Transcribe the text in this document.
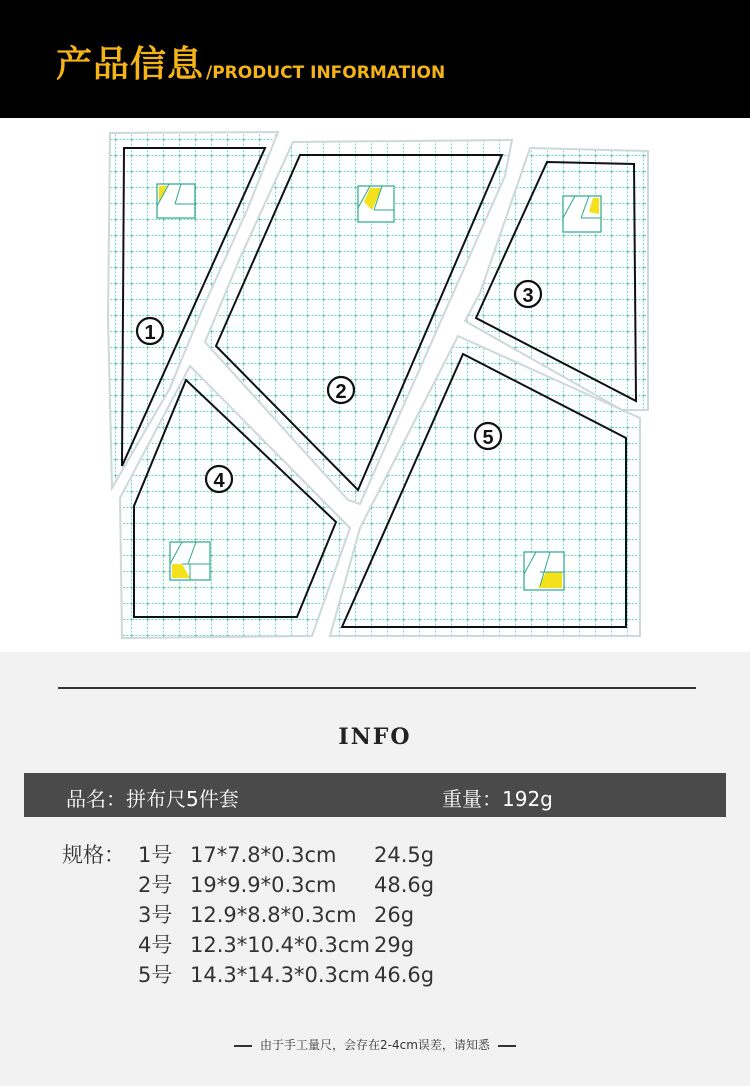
产品信息 /PRODUCT INFORMATION
1
2
3
4
5
INFO
品名：拼布尺5件套	重量：192g
规格： 1号 17*7.8*0.3cm	24.5g
2号 19*9.9*0.3cm	48.6g
3号 12.9*8.8*0.3cm 26g
4号 12.3*10.4*0.3cm 29g
5号 14.3*14.3*0.3cm 46.6g
由于手工量尺，会存在2-4cm误差，请知悉
